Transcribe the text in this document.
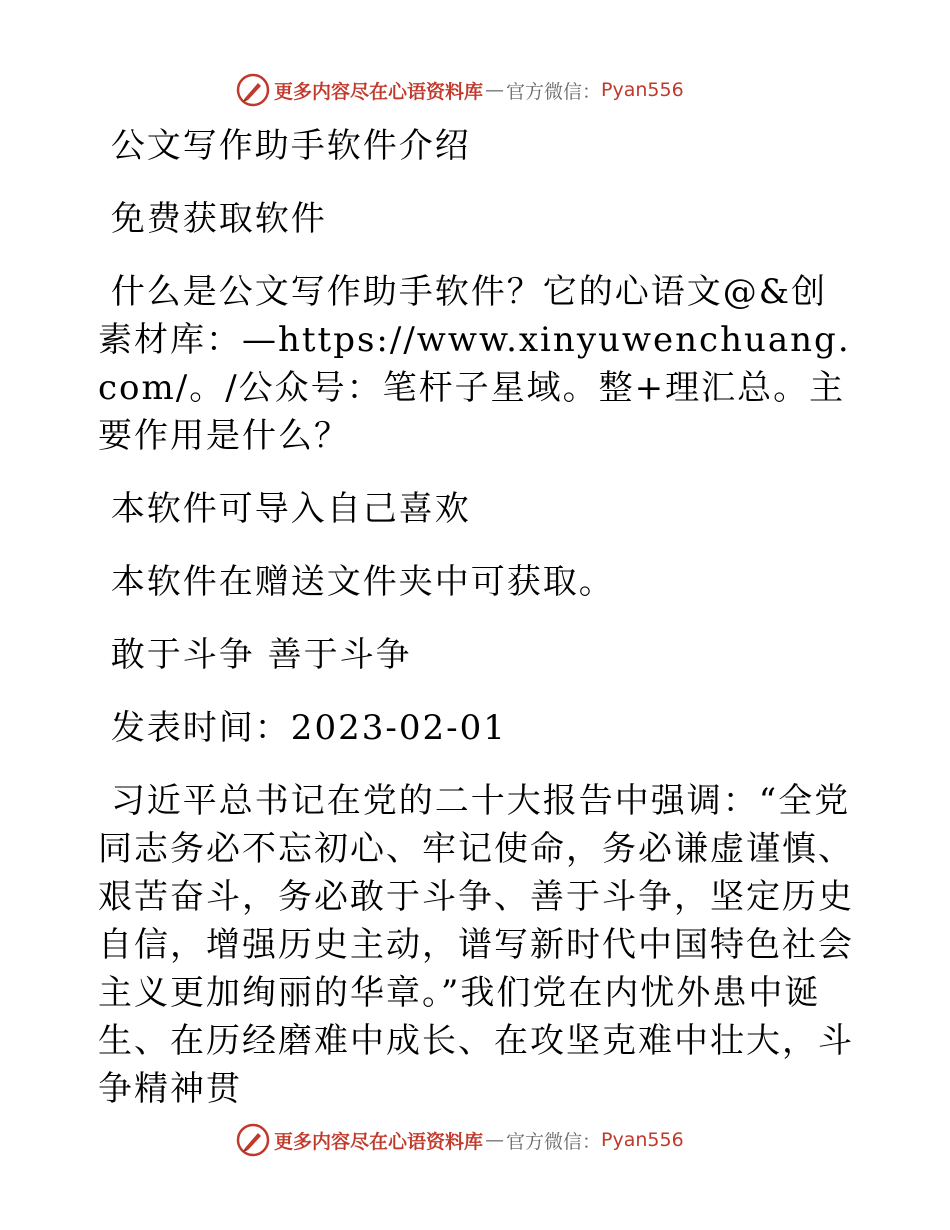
更多内容尽在心语资料库 — 官方微信： Pyan556
公文写作助手软件介绍
免费获取软件
什么是公文写作助手软件？它的心语文@&创素材库：—https://www.xinyuwenchuang.com/。/公众号：笔杆子星域。整+理汇总。主要作用是什么？
本软件可导入自己喜欢
本软件在赠送文件夹中可获取。
敢于斗争 善于斗争
发表时间：2023-02-01
习近平总书记在党的二十大报告中强调：“全党同志务必不忘初心、牢记使命，务必谦虚谨慎、艰苦奋斗，务必敢于斗争、善于斗争，坚定历史自信，增强历史主动，谱写新时代中国特色社会主义更加绚丽的华章。”我们党在内忧外患中诞生、在历经磨难中成长、在攻坚克难中壮大，斗争精神贯
更多内容尽在心语资料库 — 官方微信： Pyan556
